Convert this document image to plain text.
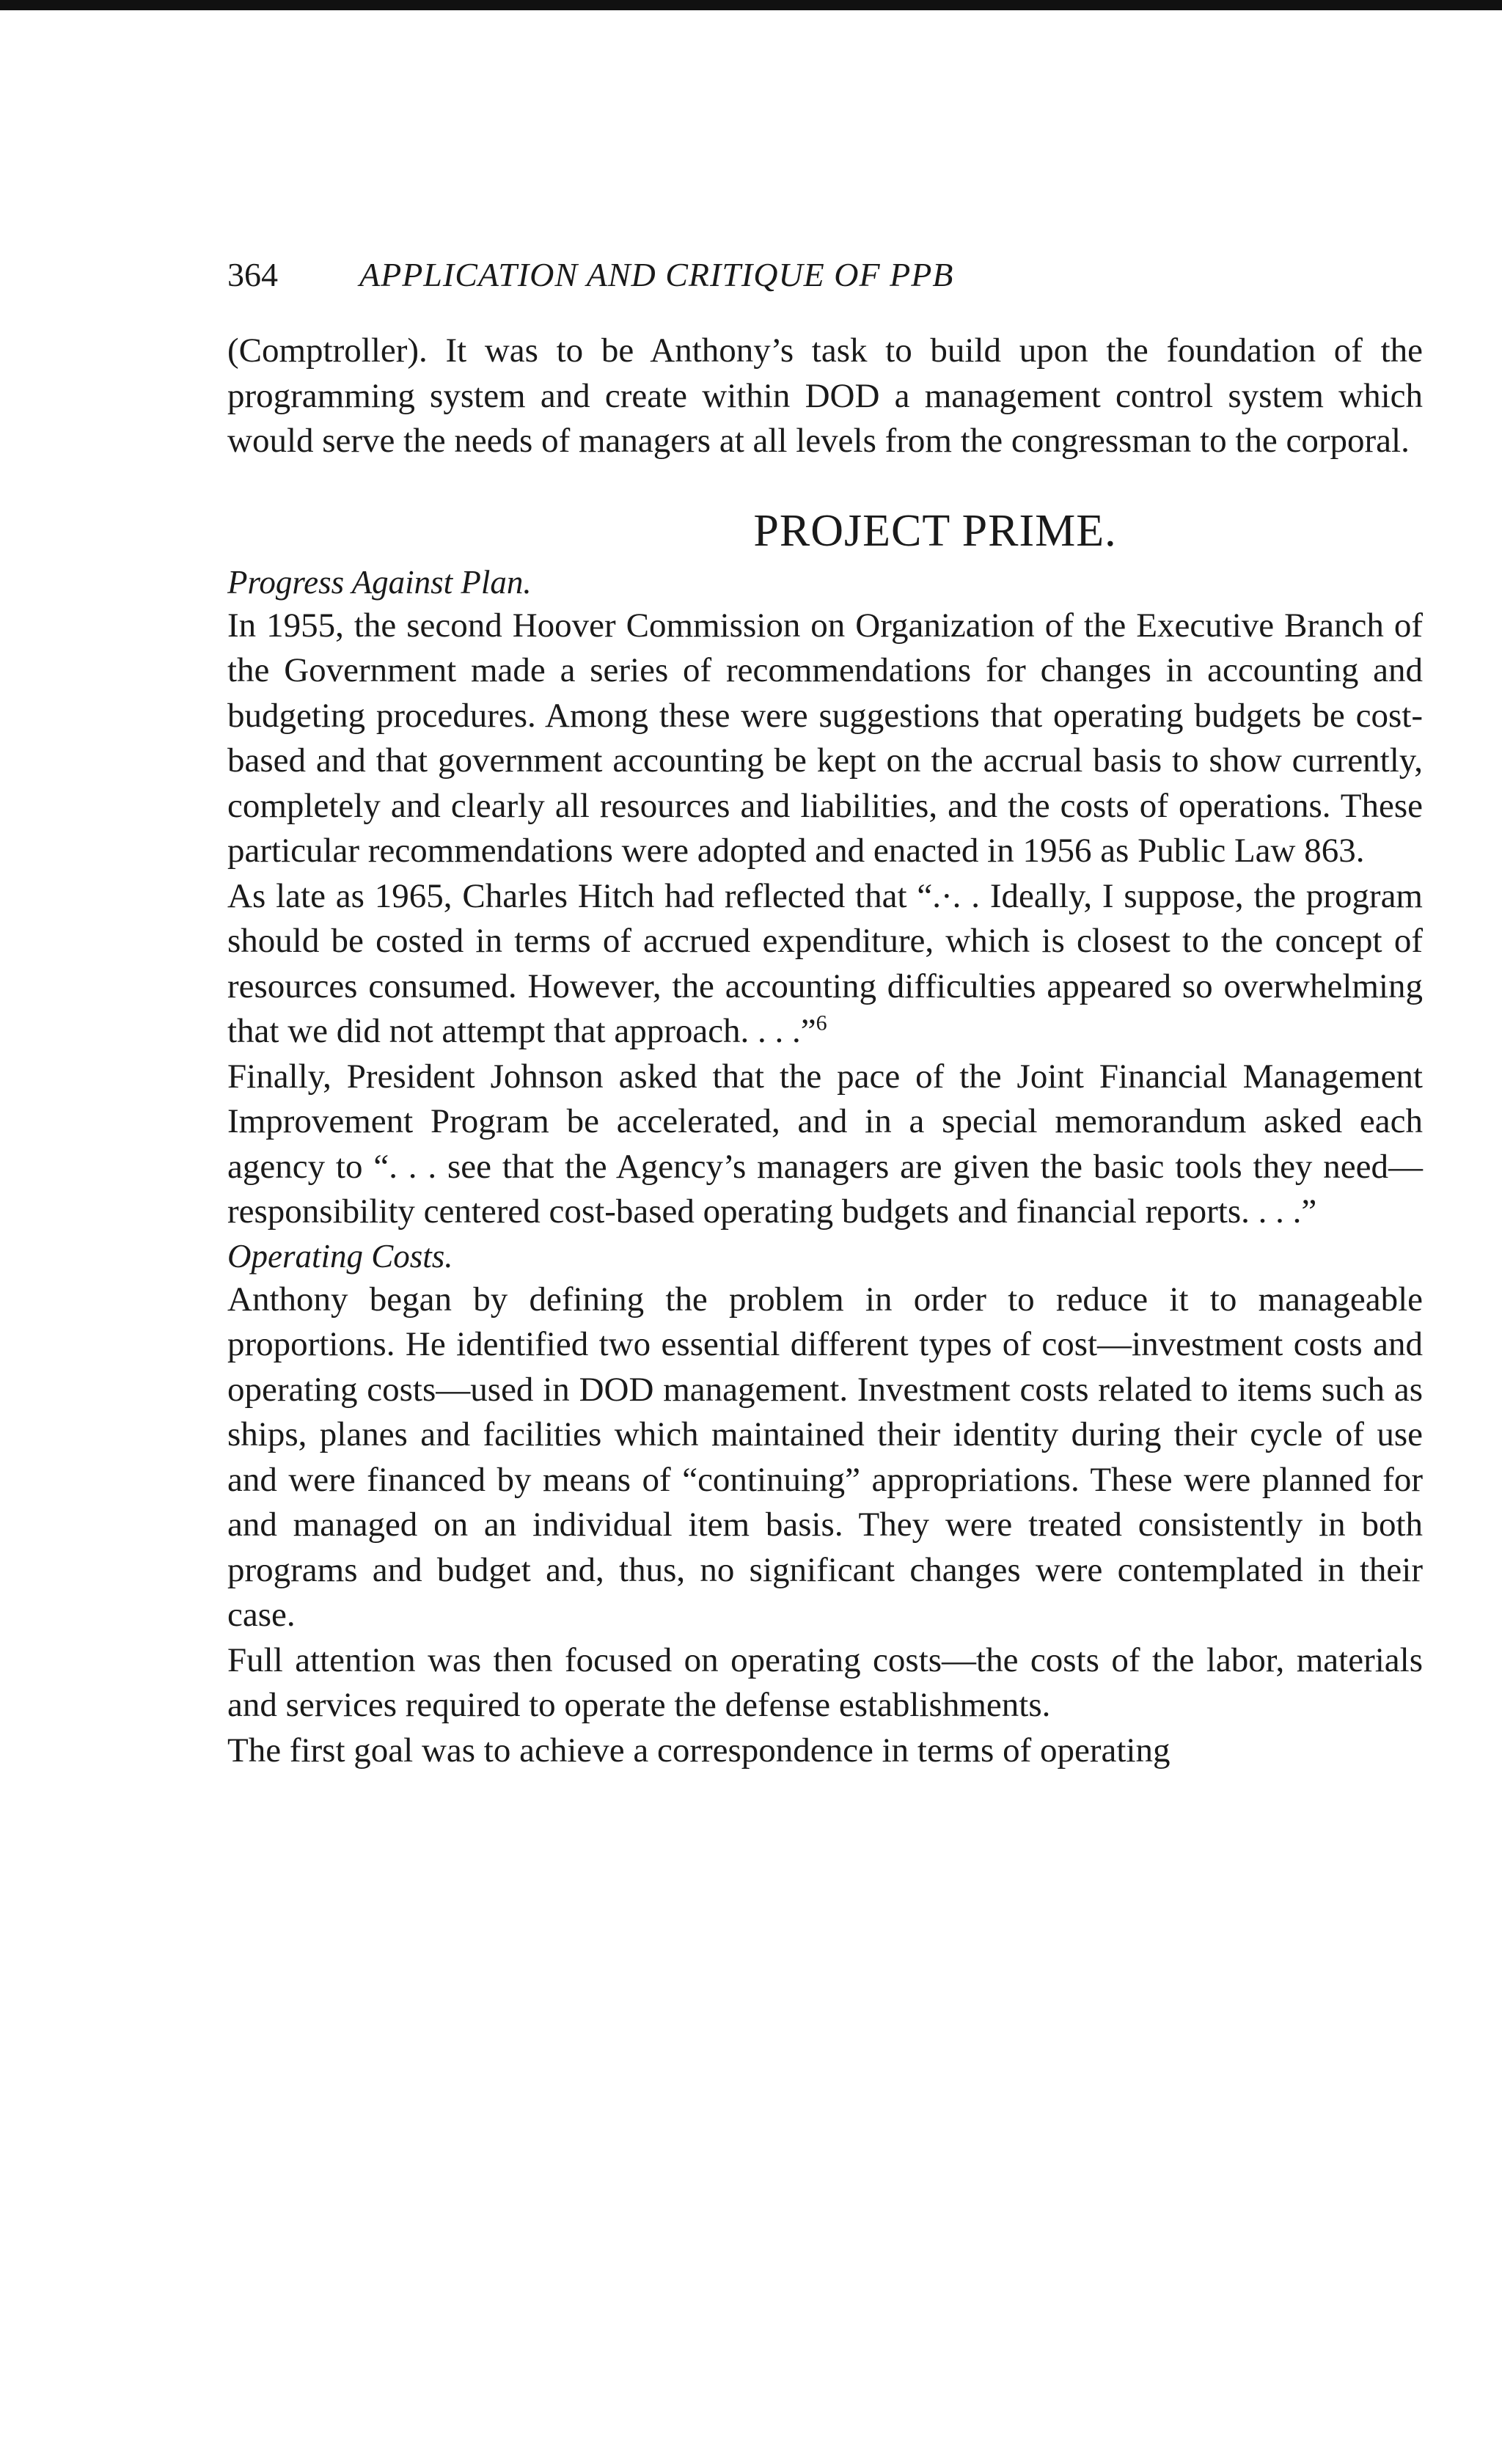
364 APPLICATION AND CRITIQUE OF PPB

(Comptroller). It was to be Anthony’s task to build upon the foundation of the programming system and create within DOD a management control system which would serve the needs of managers at all levels from the congressman to the corporal.

PROJECT PRIME.

Progress Against Plan.

In 1955, the second Hoover Commission on Organization of the Executive Branch of the Government made a series of recommendations for changes in accounting and budgeting procedures. Among these were suggestions that operating budgets be cost-based and that government accounting be kept on the accrual basis to show currently, completely and clearly all resources and liabilities, and the costs of operations. These particular recommendations were adopted and enacted in 1956 as Public Law 863.

As late as 1965, Charles Hitch had reflected that “.·. . Ideally, I suppose, the program should be costed in terms of accrued expenditure, which is closest to the concept of resources consumed. However, the accounting difficulties appeared so overwhelming that we did not attempt that approach. . . .”$^6$

Finally, President Johnson asked that the pace of the Joint Financial Management Improvement Program be accelerated, and in a special memorandum asked each agency to “. . . see that the Agency’s managers are given the basic tools they need—responsibility centered cost-based operating budgets and financial reports. . . .”

Operating Costs.

Anthony began by defining the problem in order to reduce it to manageable proportions. He identified two essential different types of cost—investment costs and operating costs—used in DOD management. Investment costs related to items such as ships, planes and facilities which maintained their identity during their cycle of use and were financed by means of “continuing” appropriations. These were planned for and managed on an individual item basis. They were treated consistently in both programs and budget and, thus, no significant changes were contemplated in their case.

Full attention was then focused on operating costs—the costs of the labor, materials and services required to operate the defense establishments.

The first goal was to achieve a correspondence in terms of operating
